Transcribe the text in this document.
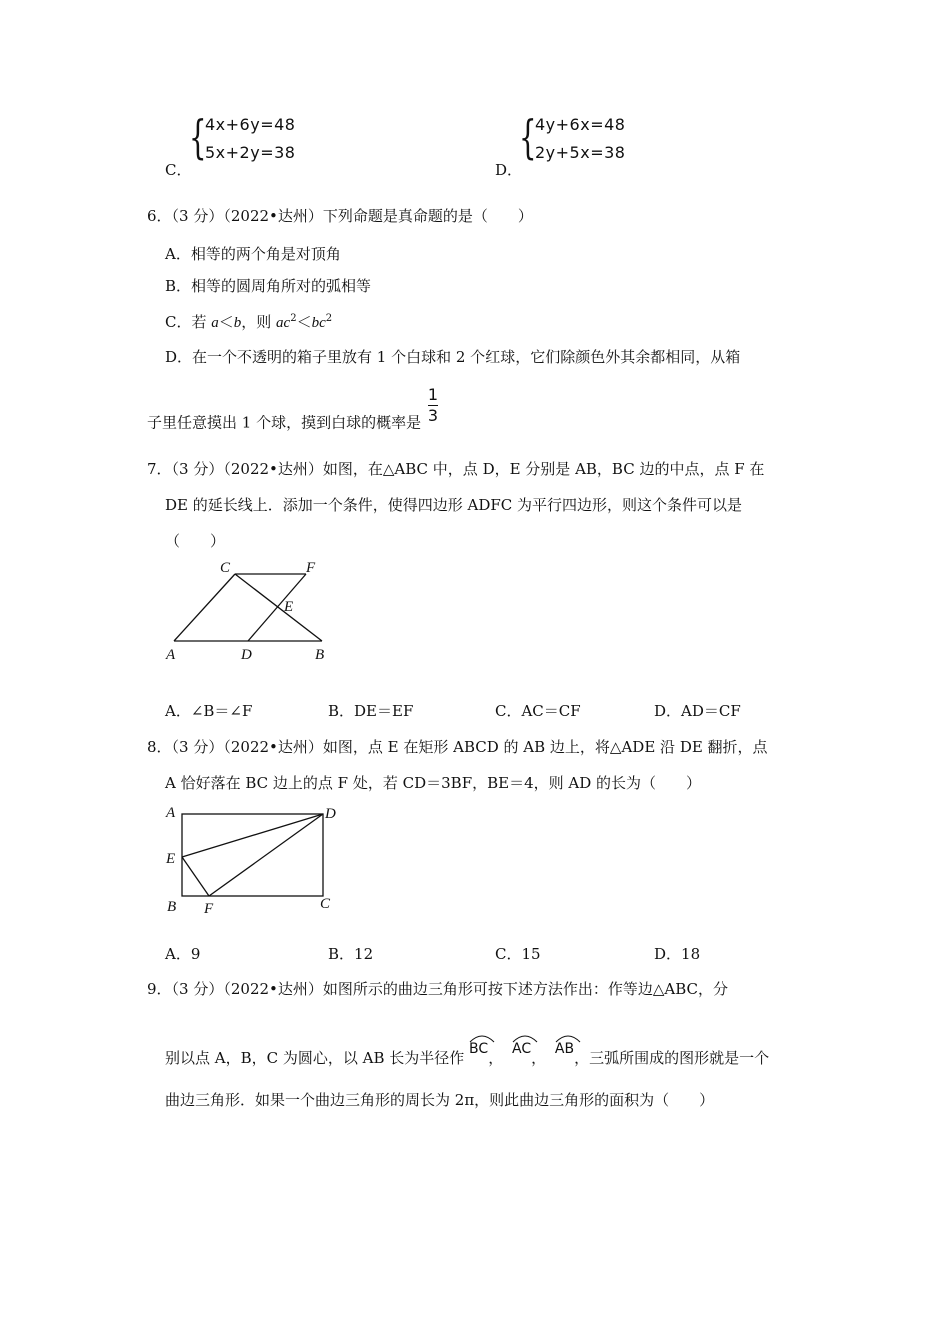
{
4x+6y=48
5x+2y=38
C．
{
4y+6x=48
2y+5x=38
D．
6．（3 分）（2022•达州）下列命题是真命题的是（　　）
A．相等的两个角是对顶角
B．相等的圆周角所对的弧相等
C．若 a＜b，则 $ac^2<bc^2$
D．在一个不透明的箱子里放有 1 个白球和 2 个红球，它们除颜色外其余都相同，从箱
子里任意摸出 1 个球，摸到白球的概率是 $\frac{1}{3}$
7．（3 分）（2022•达州）如图，在△ABC 中，点 D，E 分别是 AB，BC 边的中点，点 F 在
DE 的延长线上．添加一个条件，使得四边形 ADFC 为平行四边形，则这个条件可以是
（　　）
A	D	B
C	F
E
A．∠B＝∠F	B．DE＝EF	C．AC＝CF	D．AD＝CF
8．（3 分）（2022•达州）如图，点 E 在矩形 ABCD 的 AB 边上，将△ADE 沿 DE 翻折，点
A 恰好落在 BC 边上的点 F 处，若 CD＝3BF，BE＝4，则 AD 的长为（　　）
A	D
E
B F	C
A．9	B．12	C．15	D．18
9．（3 分）（2022•达州）如图所示的曲边三角形可按下述方法作出：作等边△ABC，分
别以点 A，B，C 为圆心，以 AB 长为半径作 BC， AC， AB，三弧所围成的图形就是一个
曲边三角形．如果一个曲边三角形的周长为 2π，则此曲边三角形的面积为（　　）
